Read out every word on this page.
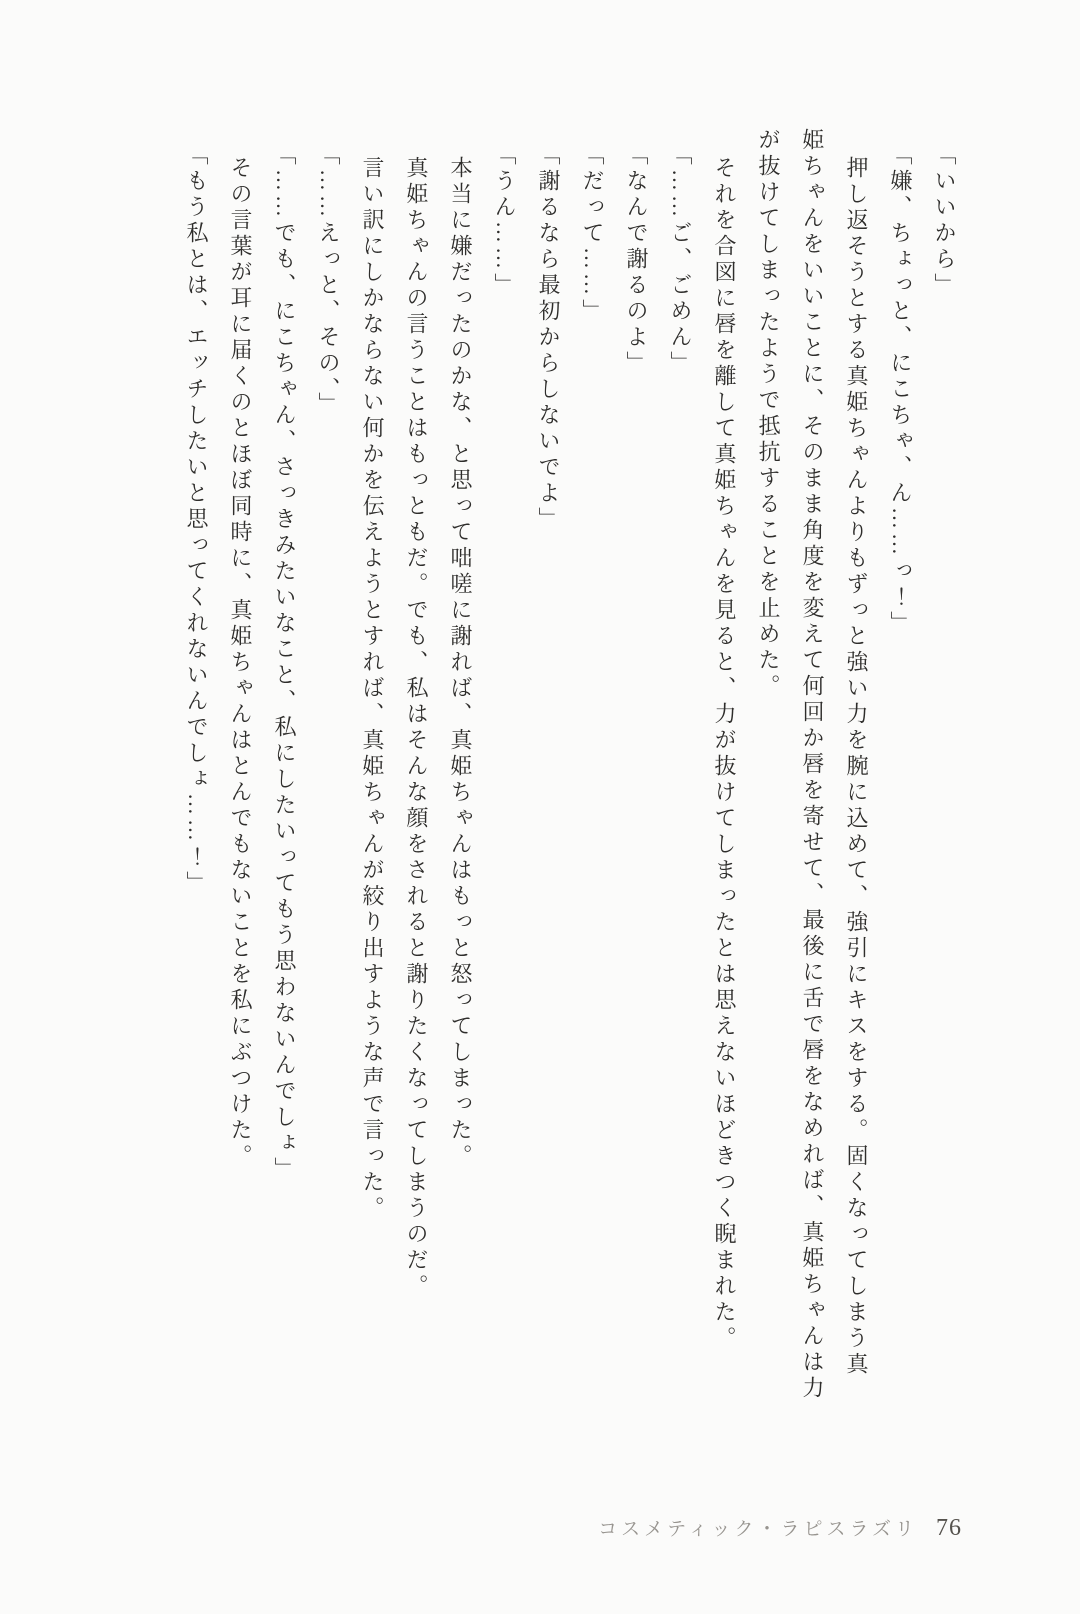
「いいから」

「嫌、ちょっと、にこちゃ、ん……っ！」

押し返そうとする真姫ちゃんよりもずっと強い力を腕に込めて、強引にキスをする。固くなってしまう真姫ちゃんをいいことに、そのまま角度を変えて何回か唇を寄せて、最後に舌で唇をなめれば、真姫ちゃんは力が抜けてしまったようで抵抗することを止めた。

それを合図に唇を離して真姫ちゃんを見ると、力が抜けてしまったとは思えないほどきつく睨まれた。

「……ご、ごめん」

「なんで謝るのよ」

「だって……」

「謝るなら最初からしないでよ」

「うん……」

本当に嫌だったのかな、と思って咄嗟に謝れば、真姫ちゃんはもっと怒ってしまった。

真姫ちゃんの言うことはもっともだ。でも、私はそんな顔をされると謝りたくなってしまうのだ。

言い訳にしかならない何かを伝えようとすれば、真姫ちゃんが絞り出すような声で言った。

「……えっと、その、」

「……でも、にこちゃん、さっきみたいなこと、私にしたいってもう思わないんでしょ」

その言葉が耳に届くのとほぼ同時に、真姫ちゃんはとんでもないことを私にぶつけた。

「もう私とは、エッチしたいと思ってくれないんでしょ……！」

コスメティック・ラピスラズリ 76
